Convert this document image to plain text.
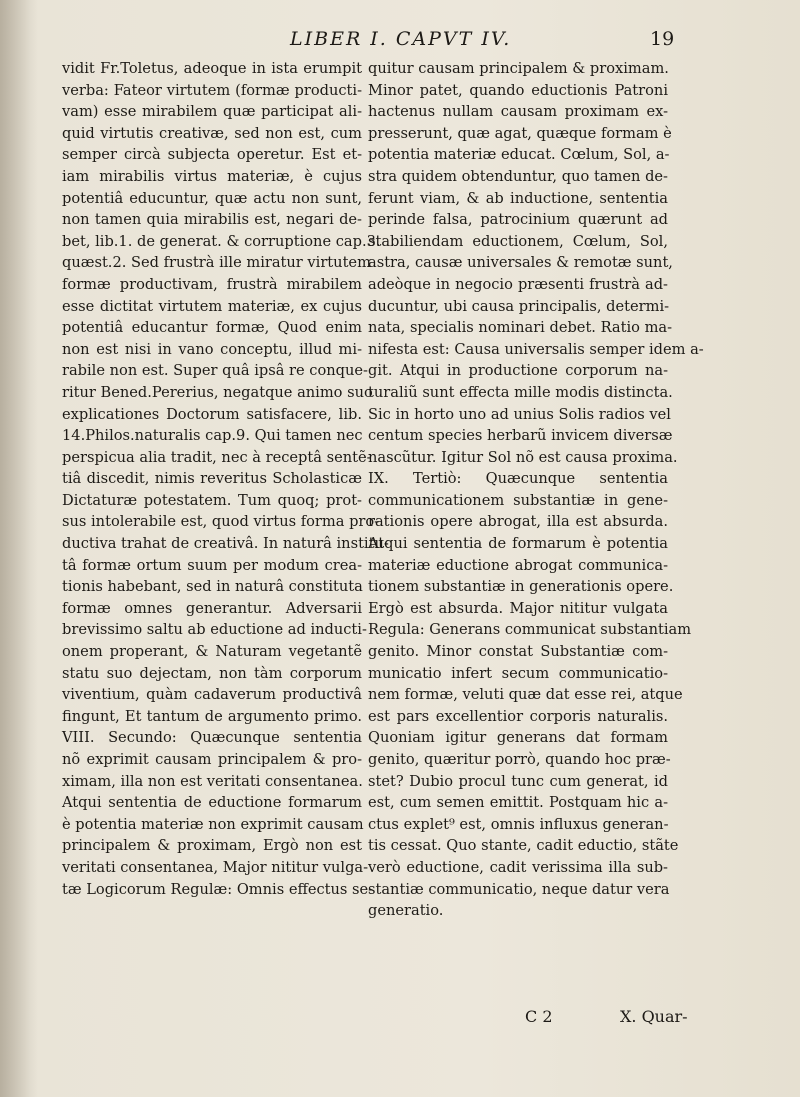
LIBER I. CAPVT IV.	19
vidit Fr.Toletus, adeoque in ista erumpit
verba: Fateor virtutem (formæ producti-
vam) esse mirabilem quæ participat ali-
quid virtutis creativæ, sed non est, cum
semper circà subjecta operetur. Est et-
iam mirabilis virtus materiæ, è cujus
potentiâ educuntur, quæ actu non sunt,
non tamen quia mirabilis est, negari de-
bet, lib.1. de generat. & corruptione cap.3.
quæst.2. Sed frustrà ille miratur virtutem
formæ productivam, frustrà mirabilem
esse dictitat virtutem materiæ, ex cujus
potentiâ educantur formæ, Quod enim
non est nisi in vano conceptu, illud mi-
rabile non est. Super quâ ipsâ re conque-
ritur Bened.Pererius, negatque animo suo
explicationes Doctorum satisfacere, lib.
14.Philos.naturalis cap.9. Qui tamen nec
perspicua alia tradit, nec à receptâ sentẽ-
tiâ discedit, nimis reveritus Scholasticæ
Dictaturæ potestatem. Tum quoq; prot-
sus intolerabile est, quod virtus forma pro-
ductiva trahat de creativâ. In naturâ institu-
tâ formæ ortum suum per modum crea-
tionis habebant, sed in naturâ constituta
formæ omnes generantur. Adversarii
brevissimo saltu ab eductione ad inducti-
onem properant, & Naturam vegetantẽ
statu suo dejectam, non tàm corporum
viventium, quàm cadaverum productivâ
fingunt, Et tantum de argumento primo.
VIII. Secundo: Quæcunque sententia
nõ exprimit causam principalem & pro-
ximam, illa non est veritati consentanea.
Atqui sententia de eductione formarum
è potentia materiæ non exprimit causam
principalem & proximam, Ergò non est
veritati consentanea, Major nititur vulga-
tæ Logicorum Regulæ: Omnis effectus se-
quitur causam principalem & proximam.
Minor patet, quando eductionis Patroni
hactenus nullam causam proximam ex-
presserunt, quæ agat, quæque formam è
potentia materiæ educat. Cœlum, Sol, a-
stra quidem obtenduntur, quo tamen de-
ferunt viam, & ab inductione, sententia
perinde falsa, patrocinium quærunt ad
stabiliendam eductionem, Cœlum, Sol,
astra, causæ universales & remotæ sunt,
adeòque in negocio præsenti frustrà ad-
ducuntur, ubi causa principalis, determi-
nata, specialis nominari debet. Ratio ma-
nifesta est: Causa universalis semper idem a-
git. Atqui in productione corporum na-
turaliũ sunt effecta mille modis distincta.
Sic in horto uno ad unius Solis radios vel
centum species herbarũ invicem diversæ
nascũtur. Igitur Sol nõ est causa proxima.
IX. Tertiò: Quæcunque sententia
communicationem substantiæ in gene-
rationis opere abrogat, illa est absurda.
Atqui sententia de formarum è potentia
materiæ eductione abrogat communica-
tionem substantiæ in generationis opere.
Ergò est absurda. Major nititur vulgata
Regula: Generans communicat substantiam
genito. Minor constat Substantiæ com-
municatio infert secum communicatio-
nem formæ, veluti quæ dat esse rei, atque
est pars excellentior corporis naturalis.
Quoniam igitur generans dat formam
genito, quæritur porrò, quando hoc præ-
stet? Dubio procul tunc cum generat, id
est, cum semen emittit. Postquam hic a-
ctus explet⁹ est, omnis influxus generan-
tis cessat. Quo stante, cadit eductio, stãte
verò eductione, cadit verissima illa sub-
stantiæ communicatio, neque datur vera
generatio.
C 2	X. Quar-
